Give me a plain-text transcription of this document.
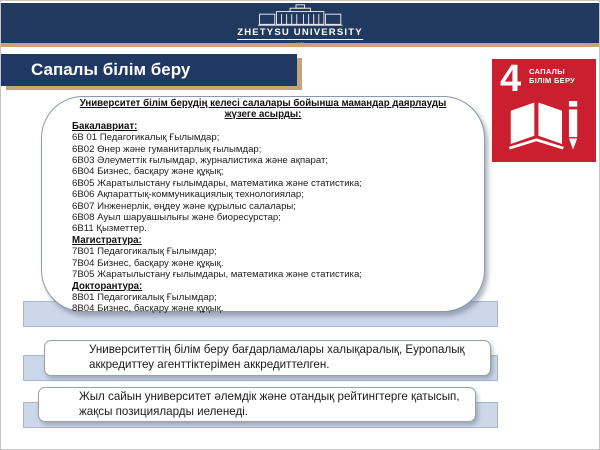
ZHETYSU UNIVERSITY
Сапалы білім беру	4 САПАЛЫ
БІЛІМ БЕРУ
Университет білім берудің келесі салалары бойынша мамандар даярлауды жүзеге асырды:
Бакалавриат:
6В 01 Педагогикалық Ғылымдар;
6В02 Өнер және гуманитарлық ғылымдар;
6В03 Әлеуметтік ғылымдар, журналистика және ақпарат;
6В04 Бизнес, басқару және құқық;
6В05 Жаратылыстану ғылымдары, математика және статистика;
6В06 Ақпараттық-коммуникациялық технологиялар;
6В07 Инженерлік, өңдеу және құрылыс салалары;
6В08 Ауыл шаруашылығы және биоресурстар;
6В11 Қызметтер.
Магистратура:
7В01 Педагогикалық Ғылымдар;
7В04 Бизнес, басқару және құқық.
7В05 Жаратылыстану ғылымдары, математика және статистика;
Докторантура:
8В01 Педагогикалық Ғылымдар;
8В04 Бизнес, басқару және құқық.
Университеттің білім беру бағдарламалары халықаралық, Еуропалық аккредиттеу агенттіктерімен аккредиттелген.
Жыл сайын университет әлемдік және отандық рейтингтерге қатысып, жақсы позицияларды иеленеді.
